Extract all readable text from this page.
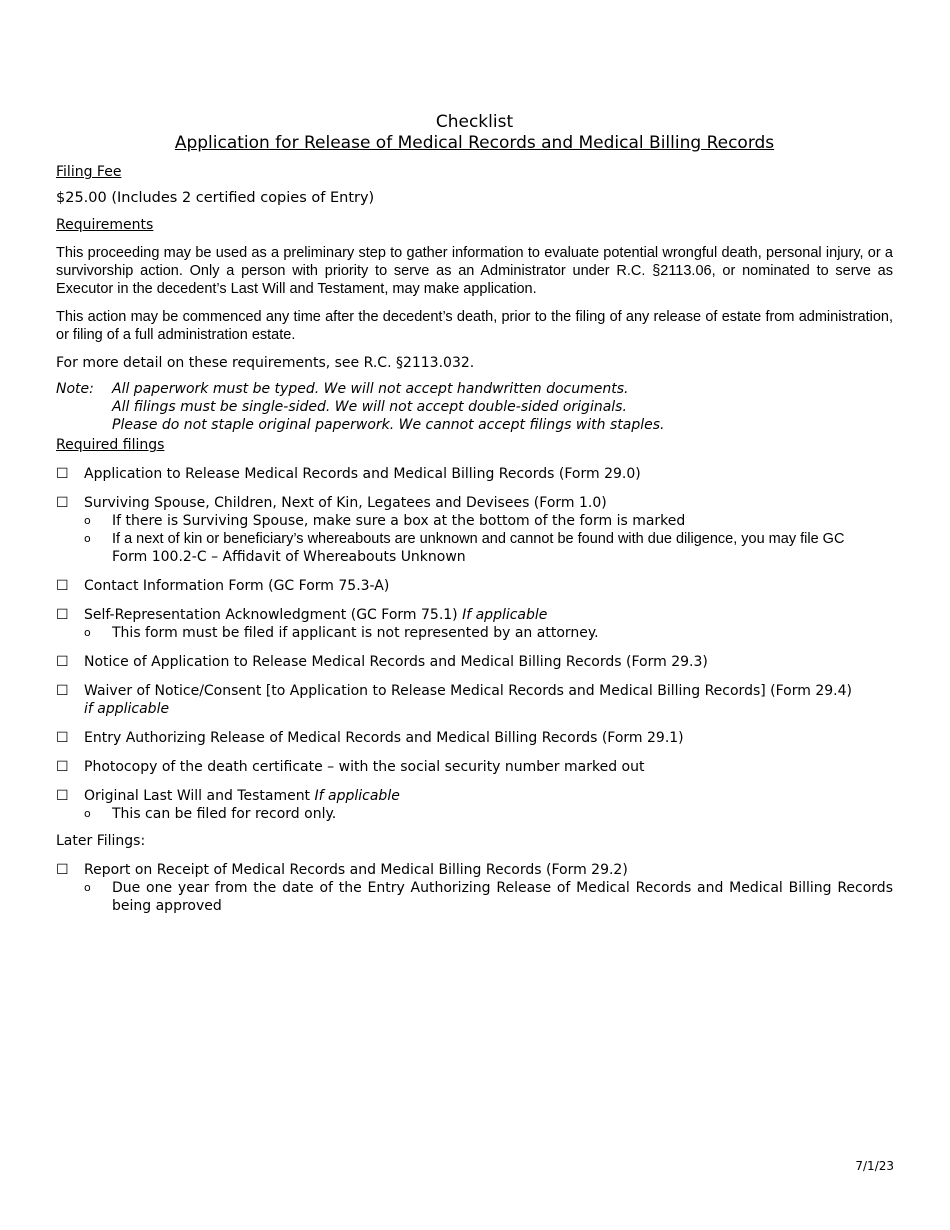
Checklist
Application for Release of Medical Records and Medical Billing Records
Filing Fee
$25.00 (Includes 2 certified copies of Entry)
Requirements
This proceeding may be used as a preliminary step to gather information to evaluate potential wrongful death, personal injury, or a survivorship action. Only a person with priority to serve as an Administrator under R.C. §2113.06, or nominated to serve as Executor in the decedent’s Last Will and Testament, may make application.
This action may be commenced any time after the decedent’s death, prior to the filing of any release of estate from administration, or filing of a full administration estate.
For more detail on these requirements, see R.C. §2113.032.
Note:	All paperwork must be typed. We will not accept handwritten documents.
All filings must be single-sided. We will not accept double-sided originals.
Please do not staple original paperwork. We cannot accept filings with staples.
Required filings
☐	Application to Release Medical Records and Medical Billing Records (Form 29.0)
☐	Surviving Spouse, Children, Next of Kin, Legatees and Devisees (Form 1.0)
o	If there is Surviving Spouse, make sure a box at the bottom of the form is marked
o	If a next of kin or beneficiary’s whereabouts are unknown and cannot be found with due diligence, you may file GC
Form 100.2-C – Affidavit of Whereabouts Unknown
☐	Contact Information Form (GC Form 75.3-A)
☐	Self-Representation Acknowledgment (GC Form 75.1) If applicable
o	This form must be filed if applicant is not represented by an attorney.
☐	Notice of Application to Release Medical Records and Medical Billing Records (Form 29.3)
☐	Waiver of Notice/Consent [to Application to Release Medical Records and Medical Billing Records] (Form 29.4)
if applicable
☐	Entry Authorizing Release of Medical Records and Medical Billing Records (Form 29.1)
☐	Photocopy of the death certificate – with the social security number marked out
☐	Original Last Will and Testament If applicable
o	This can be filed for record only.
Later Filings:
☐	Report on Receipt of Medical Records and Medical Billing Records (Form 29.2)
o	Due one year from the date of the Entry Authorizing Release of Medical Records and Medical Billing Records being approved
7/1/23
